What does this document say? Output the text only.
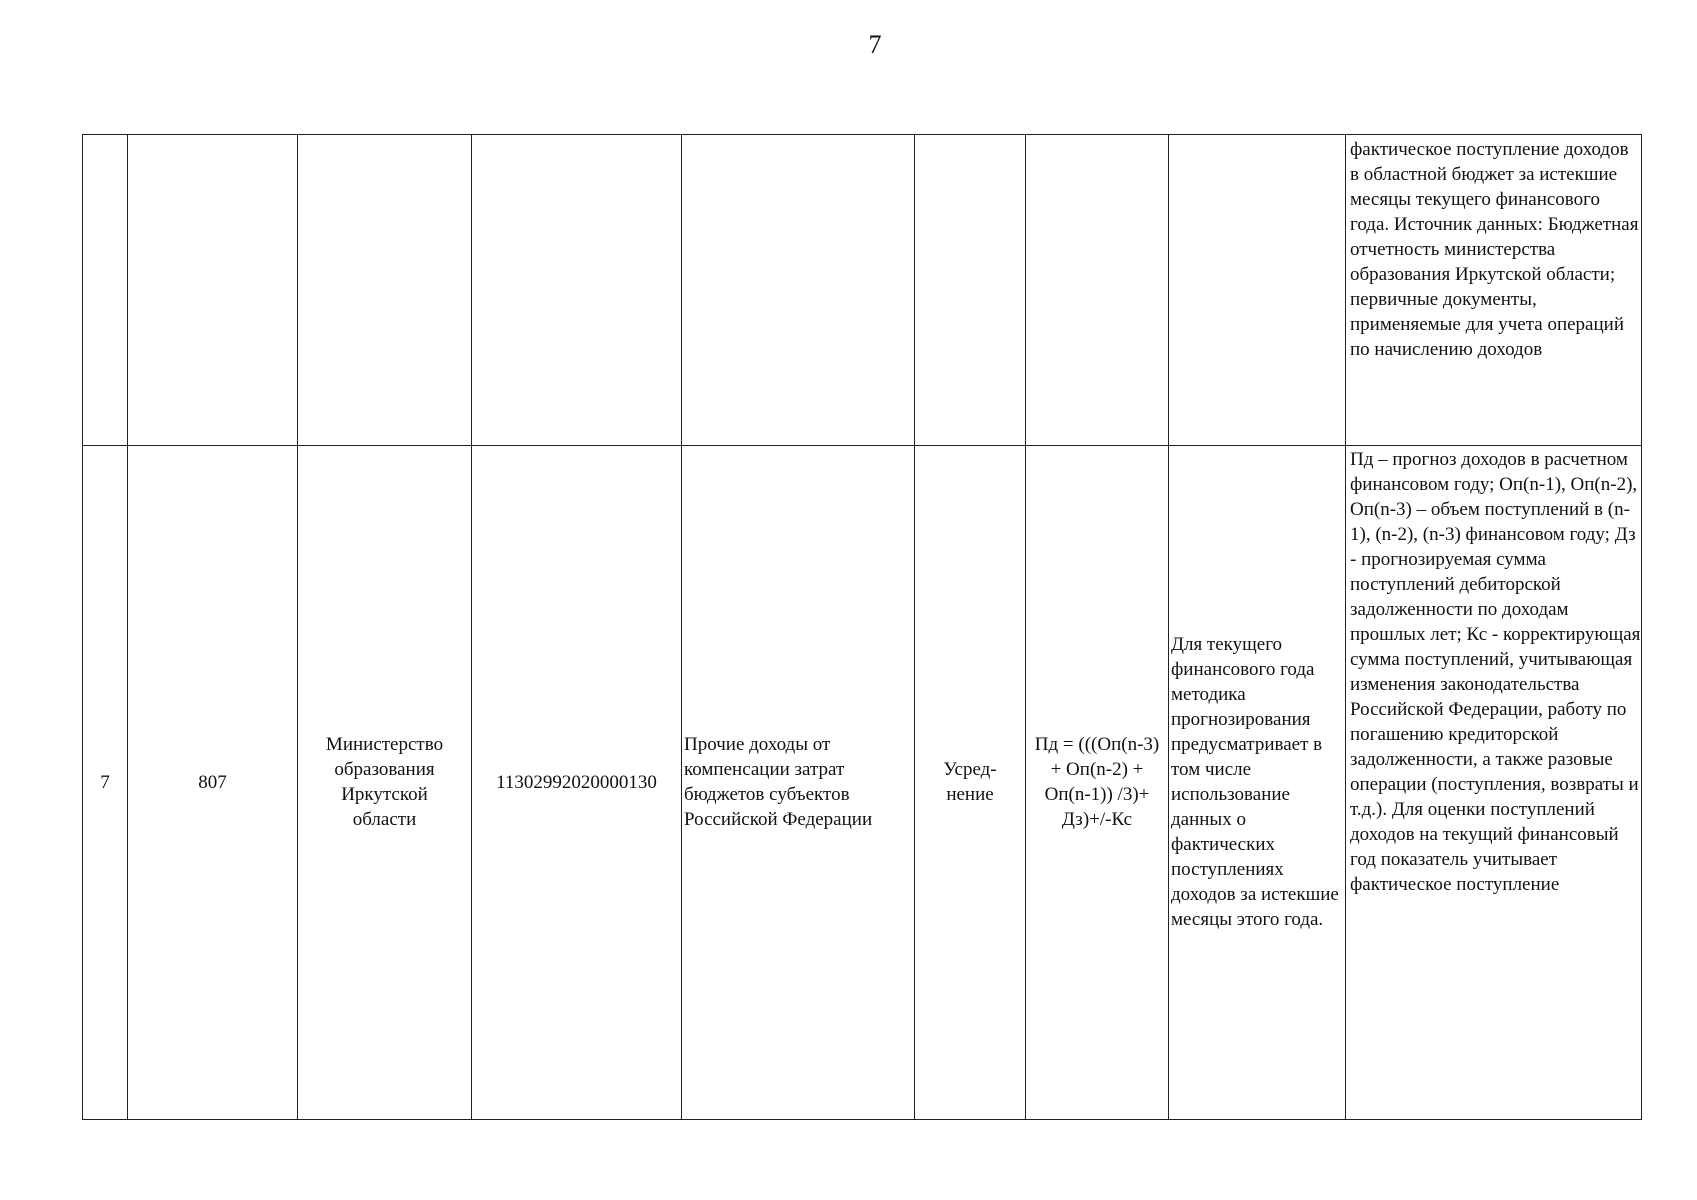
7
фактическое поступление доходов в областной бюджет за истекшие месяцы текущего финансового года. Источник данных: Бюджетная отчетность министерства образования Иркутской области; первичные документы, применяемые для учета операций по начислению доходов
7	807
Министерство образования Иркутской области
11302992020000130
Прочие доходы от компенсации затрат бюджетов субъектов Российской Федерации
Усред-нение
Пд = (((Оп(n-3) + Оп(n-2) + Оп(n-1)) /3)+ Дз)+/-Кс
Для текущего финансового года методика прогнозирования предусматривает в том числе использование данных о фактических поступлениях доходов за истекшие месяцы этого года.
Пд – прогноз доходов в расчетном финансовом году; Оп(n-1), Оп(n-2), Оп(n-3) – объем поступлений в (n-1), (n-2), (n-3) финансовом году; Дз - прогнозируемая сумма поступлений дебиторской задолженности по доходам прошлых лет; Кс - корректирующая сумма поступлений, учитывающая изменения законодательства Российской Федерации, работу по погашению кредиторской задолженности, а также разовые операции (поступления, возвраты и т.д.). Для оценки поступлений доходов на текущий финансовый год показатель учитывает фактическое поступление
